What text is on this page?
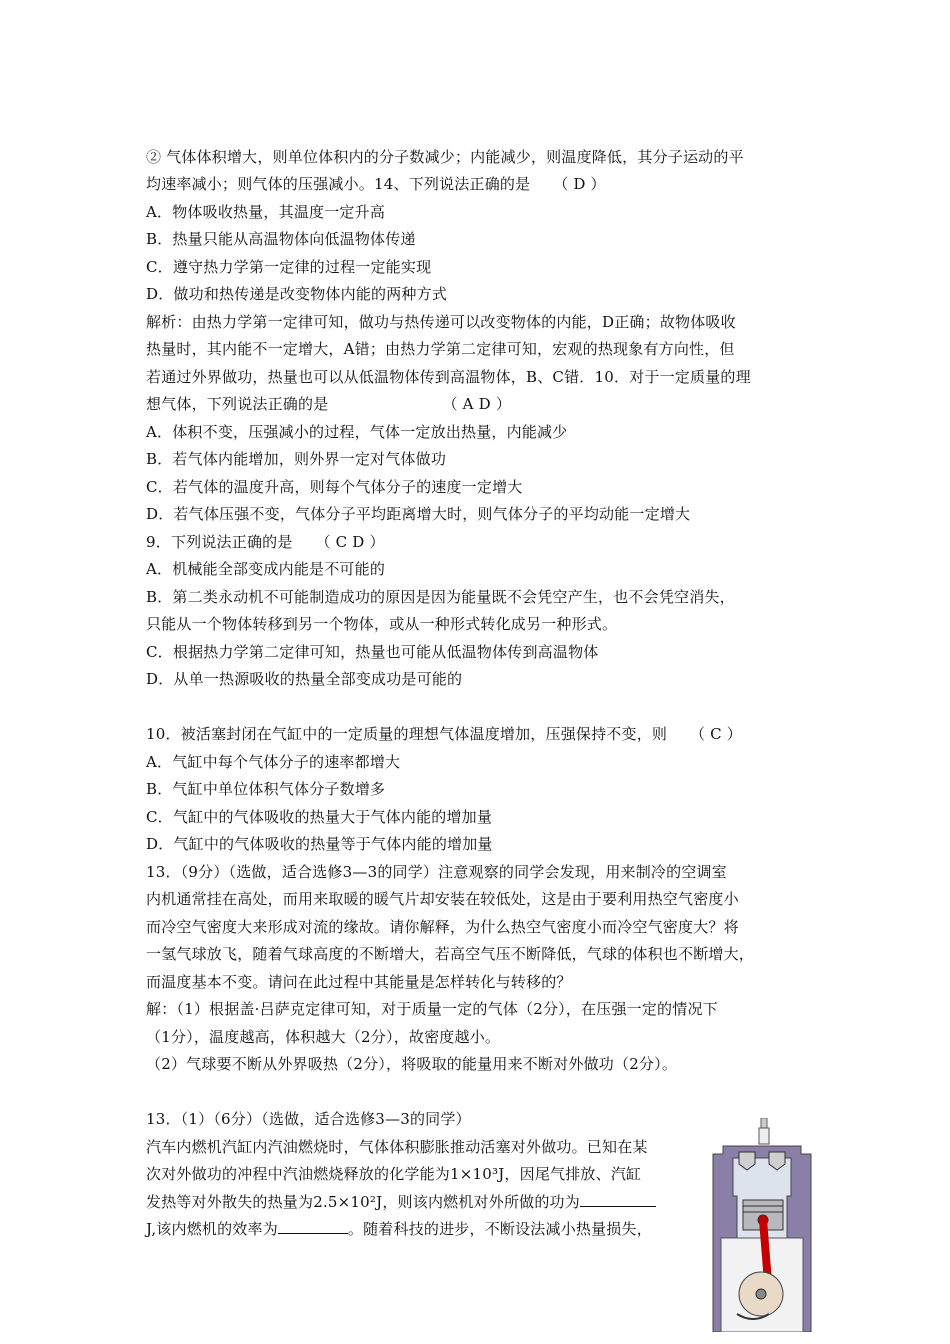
② 气体体积增大，则单位体积内的分子数减少；内能减少，则温度降低，其分子运动的平
均速率减小；则气体的压强减小。14、下列说法正确的是　　（ D ）
A．物体吸收热量，其温度一定升高
B．热量只能从高温物体向低温物体传递
C．遵守热力学第一定律的过程一定能实现
D．做功和热传递是改变物体内能的两种方式
解析：由热力学第一定律可知，做功与热传递可以改变物体的内能，D正确；故物体吸收
热量时，其内能不一定增大，A错；由热力学第二定律可知，宏观的热现象有方向性，但
若通过外界做功，热量也可以从低温物体传到高温物体，B、C错．10．对于一定质量的理
想气体，下列说法正确的是　　　　　　　　（ A D ）
A．体积不变，压强减小的过程，气体一定放出热量，内能减少
B．若气体内能增加，则外界一定对气体做功
C．若气体的温度升高，则每个气体分子的速度一定增大
D．若气体压强不变，气体分子平均距离增大时，则气体分子的平均动能一定增大
9．下列说法正确的是　　（ C D ）
A．机械能全部变成内能是不可能的
B．第二类永动机不可能制造成功的原因是因为能量既不会凭空产生，也不会凭空消失，
只能从一个物体转移到另一个物体，或从一种形式转化成另一种形式。
C．根据热力学第二定律可知，热量也可能从低温物体传到高温物体
D．从单一热源吸收的热量全部变成功是可能的
10．被活塞封闭在气缸中的一定质量的理想气体温度增加，压强保持不变，则　　（ C ）
A．气缸中每个气体分子的速率都增大
B．气缸中单位体积气体分子数增多
C．气缸中的气体吸收的热量大于气体内能的增加量
D．气缸中的气体吸收的热量等于气体内能的增加量
13．（9分）（选做，适合选修3—3的同学）注意观察的同学会发现，用来制冷的空调室
内机通常挂在高处，而用来取暖的暖气片却安装在较低处，这是由于要利用热空气密度小
而冷空气密度大来形成对流的缘故。请你解释，为什么热空气密度小而冷空气密度大？将
一氢气球放飞，随着气球高度的不断增大，若高空气压不断降低，气球的体积也不断增大，
而温度基本不变。请问在此过程中其能量是怎样转化与转移的？
解：（1）根据盖·吕萨克定律可知，对于质量一定的气体（2分），在压强一定的情况下
（1分），温度越高，体积越大（2分），故密度越小。
（2）气球要不断从外界吸热（2分），将吸取的能量用来不断对外做功（2分）。
13．（1）（6分）（选做，适合选修3—3的同学）
汽车内燃机汽缸内汽油燃烧时，气体体积膨胀推动活塞对外做功。已知在某
次对外做功的冲程中汽油燃烧释放的化学能为1×10³J，因尾气排放、汽缸
发热等对外散失的热量为2.5×10²J，则该内燃机对外所做的功为
J,该内燃机的效率为	。随着科技的进步，不断设法减小热量损失，
